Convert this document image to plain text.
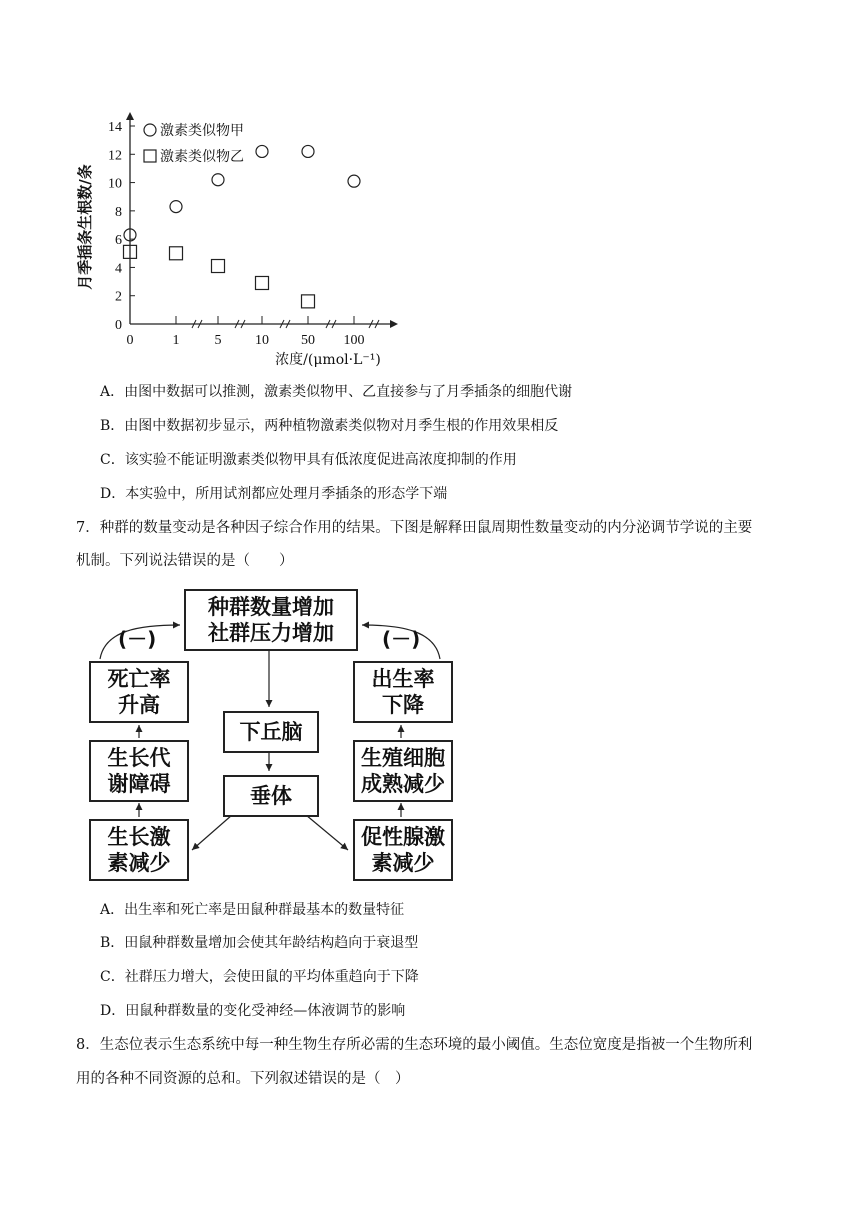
0
2
4
6
8
10
12
14
0	1	5 10 50 100
月季插条生根数/条
浓度/(μmol·L⁻¹)
激素类似物甲
激素类似物乙
A．由图中数据可以推测，激素类似物甲、乙直接参与了月季插条的细胞代谢
B．由图中数据初步显示，两种植物激素类似物对月季生根的作用效果相反
C．该实验不能证明激素类似物甲具有低浓度促进高浓度抑制的作用
D．本实验中，所用试剂都应处理月季插条的形态学下端
7．种群的数量变动是各种因子综合作用的结果。下图是解释田鼠周期性数量变动的内分泌调节学说的主要
机制。下列说法错误的是（　　）
(－)	(－)
种群数量增加
社群压力增加
死亡率
升高
出生率
下降
下丘脑
生长代
谢障碍
生殖细胞
成熟减少
垂体
生长激
素减少
促性腺激
素减少
A．出生率和死亡率是田鼠种群最基本的数量特征
B．田鼠种群数量增加会使其年龄结构趋向于衰退型
C．社群压力增大，会使田鼠的平均体重趋向于下降
D．田鼠种群数量的变化受神经—体液调节的影响
8．生态位表示生态系统中每一种生物生存所必需的生态环境的最小阈值。生态位宽度是指被一个生物所利
用的各种不同资源的总和。下列叙述错误的是（　）
